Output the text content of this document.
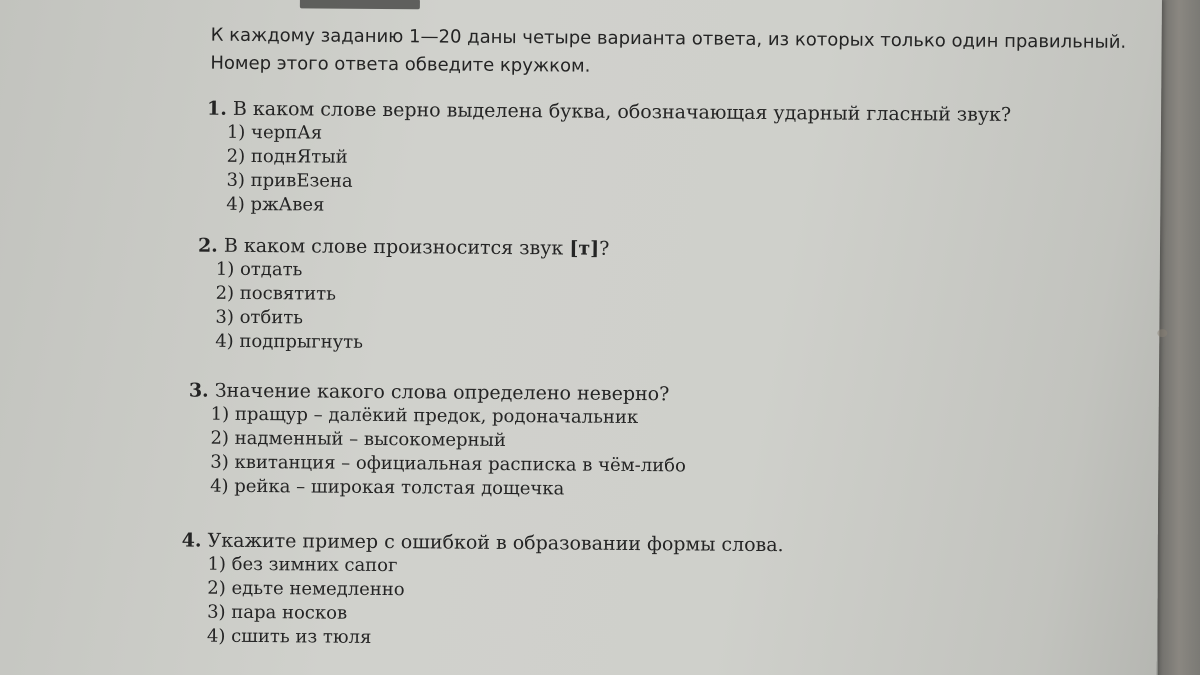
К каждому заданию 1—20 даны четыре варианта ответа, из которых только один правильный.
Номер этого ответа обведите кружком.
1. В каком слове верно выделена буква, обозначающая ударный гласный звук?
1) черпАя
2) поднЯтый
3) привЕзена
4) ржАвея
2. В каком слове произносится звук [т]?
1) отдать
2) посвятить
3) отбить
4) подпрыгнуть
3. Значение какого слова определено неверно?
1) пращур – далёкий предок, родоначальник
2) надменный – высокомерный
3) квитанция – официальная расписка в чём-либо
4) рейка – широкая толстая дощечка
4. Укажите пример с ошибкой в образовании формы слова.
1) без зимних сапог
2) едьте немедленно
3) пара носков
4) сшить из тюля
